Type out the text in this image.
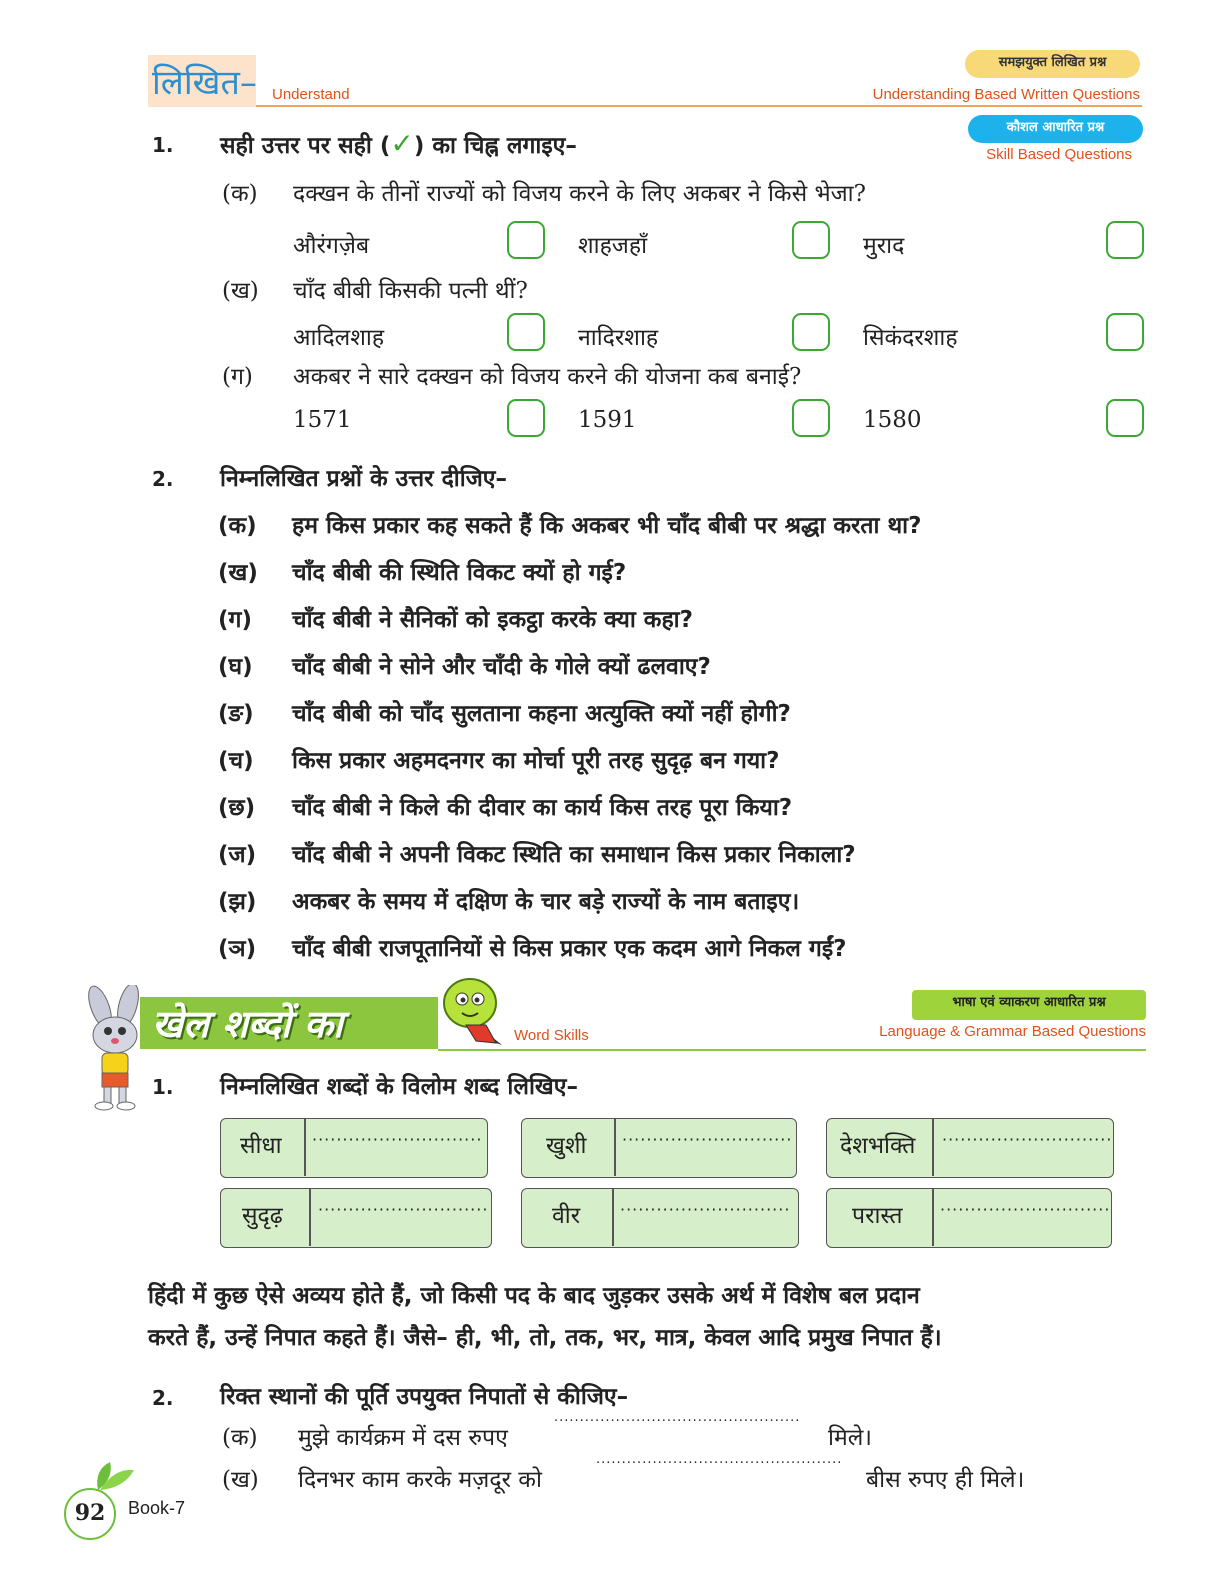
लिखित– Understand
समझयुक्त लिखित प्रश्न
Understanding Based Written Questions
कौशल आधारित प्रश्न
Skill Based Questions
1. सही उत्तर पर सही (✓) का चिह्न लगाइए–
(क) दक्खन के तीनों राज्यों को विजय करने के लिए अकबर ने किसे भेजा?
औरंगज़ेब	शाहजहाँ	मुराद
(ख) चाँद बीबी किसकी पत्नी थीं?
आदिलशाह	नादिरशाह	सिकंदरशाह
(ग) अकबर ने सारे दक्खन को विजय करने की योजना कब बनाई?
1571	1591	1580
2. निम्नलिखित प्रश्नों के उत्तर दीजिए–
(क) हम किस प्रकार कह सकते हैं कि अकबर भी चाँद बीबी पर श्रद्धा करता था?
(ख) चाँद बीबी की स्थिति विकट क्यों हो गई?
(ग) चाँद बीबी ने सैनिकों को इकट्ठा करके क्या कहा?
(घ) चाँद बीबी ने सोने और चाँदी के गोले क्यों ढलवाए?
(ङ) चाँद बीबी को चाँद सुलताना कहना अत्युक्ति क्यों नहीं होगी?
(च) किस प्रकार अहमदनगर का मोर्चा पूरी तरह सुदृढ़ बन गया?
(छ) चाँद बीबी ने किले की दीवार का कार्य किस तरह पूरा किया?
(ज) चाँद बीबी ने अपनी विकट स्थिति का समाधान किस प्रकार निकाला?
(झ) अकबर के समय में दक्षिण के चार बड़े राज्यों के नाम बताइए।
(ञ) चाँद बीबी राजपूतानियों से किस प्रकार एक कदम आगे निकल गईं?
खेल शब्दों का	Word Skills
भाषा एवं व्याकरण आधारित प्रश्न
Language & Grammar Based Questions
1. निम्नलिखित शब्दों के विलोम शब्द लिखिए–
सीधा ····························	खुशी ···························· देशभक्ति ····························
सुदृढ़ ····························	वीर ····························	परास्त ····························
हिंदी में कुछ ऐसे अव्यय होते हैं, जो किसी पद के बाद जुड़कर उसके अर्थ में विशेष बल प्रदान
करते हैं, उन्हें निपात कहते हैं। जैसे– ही, भी, तो, तक, भर, मात्र, केवल आदि प्रमुख निपात हैं।
2. रिक्त स्थानों की पूर्ति उपयुक्त निपातों से कीजिए–
(क) मुझे कार्यक्रम में दस रुपए
················································
मिले।
(ख) दिनभर काम करके मज़दूर को
················································
बीस रुपए ही मिले।
92	Book-7
